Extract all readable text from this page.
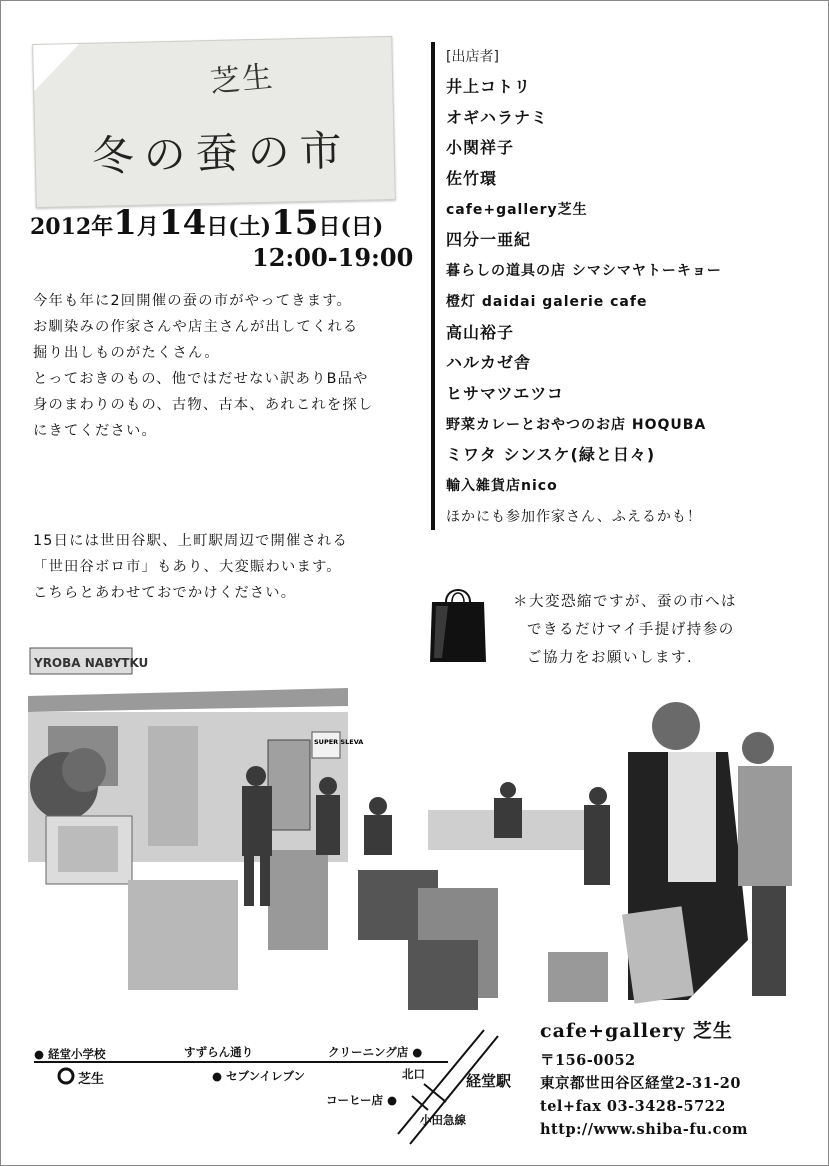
芝生
冬の蚕の市
2012年1月14日(土)15日(日)
12:00-19:00

今年も年に2回開催の蚕の市がやってきます。

お馴染みの作家さんや店主さんが出してくれる

掘り出しものがたくさん。

とっておきのもの、他ではだせない訳ありB品や

身のまわりのもの、古物、古本、あれこれを探し

にきてください。

15日には世田谷駅、上町駅周辺で開催される

「世田谷ボロ市」もあり、大変賑わいます。

こちらとあわせておでかけください。

[出店者]
井上コトリ
オギハラナミ
小関祥子
佐竹環
cafe+gallery芝生
四分一亜紀
暮らしの道具の店 シマシマヤトーキョー
橙灯 daidai galerie cafe
高山裕子
ハルカゼ舎
ヒサマツエツコ
野菜カレーとおやつのお店 HOQUBA
ミワタ シンスケ(緑と日々)
輸入雑貨店nico
ほかにも参加作家さん、ふえるかも！

＊大変恐縮ですが、蚕の市へは

できるだけマイ手提げ持参の

ご協力をお願いします.

YROBA NABYTKU
SUPER SLEVA
● 経堂小学校
芝生
すずらん通り
● セブンイレブン
クリーニング店 ●
北口	経堂駅
コーヒー店 ●
小田急線
cafe+gallery 芝生
〒156-0052
東京都世田谷区経堂2-31-20
tel+fax 03-3428-5722
http://www.shiba-fu.com
